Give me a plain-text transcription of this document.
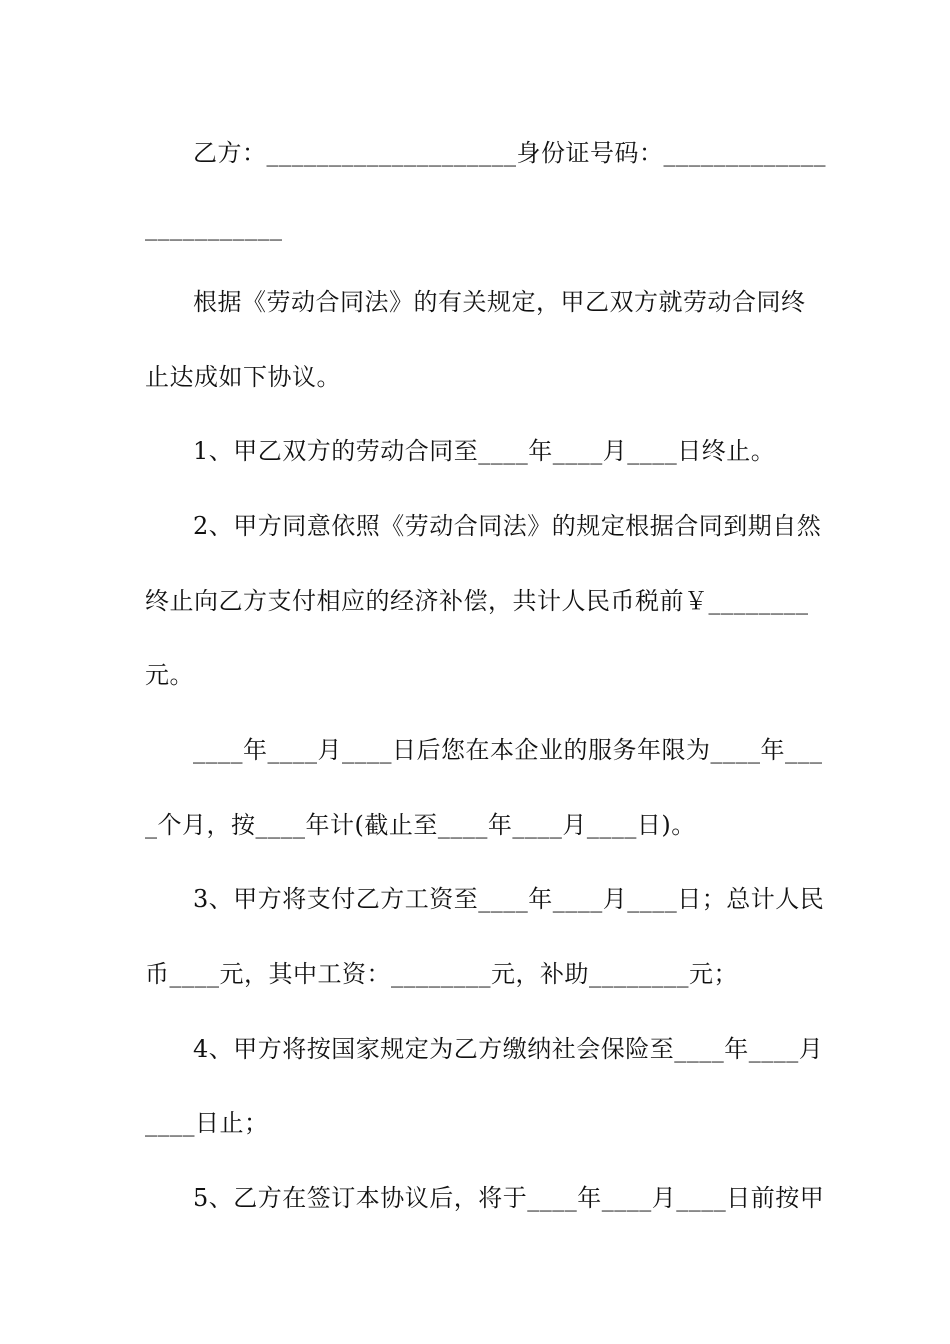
乙方：____________________身份证号码：_____________
___________
根据《劳动合同法》的有关规定，甲乙双方就劳动合同终
止达成如下协议。
1、甲乙双方的劳动合同至____年____月____日终止。
2、甲方同意依照《劳动合同法》的规定根据合同到期自然
终止向乙方支付相应的经济补偿，共计人民币税前￥________
元。
____年____月____日后您在本企业的服务年限为____年___
_个月，按____年计(截止至____年____月____日)。
3、甲方将支付乙方工资至____年____月____日；总计人民
币____元，其中工资：________元，补助________元；
4、甲方将按国家规定为乙方缴纳社会保险至____年____月
____日止；
5、乙方在签订本协议后，将于____年____月____日前按甲
